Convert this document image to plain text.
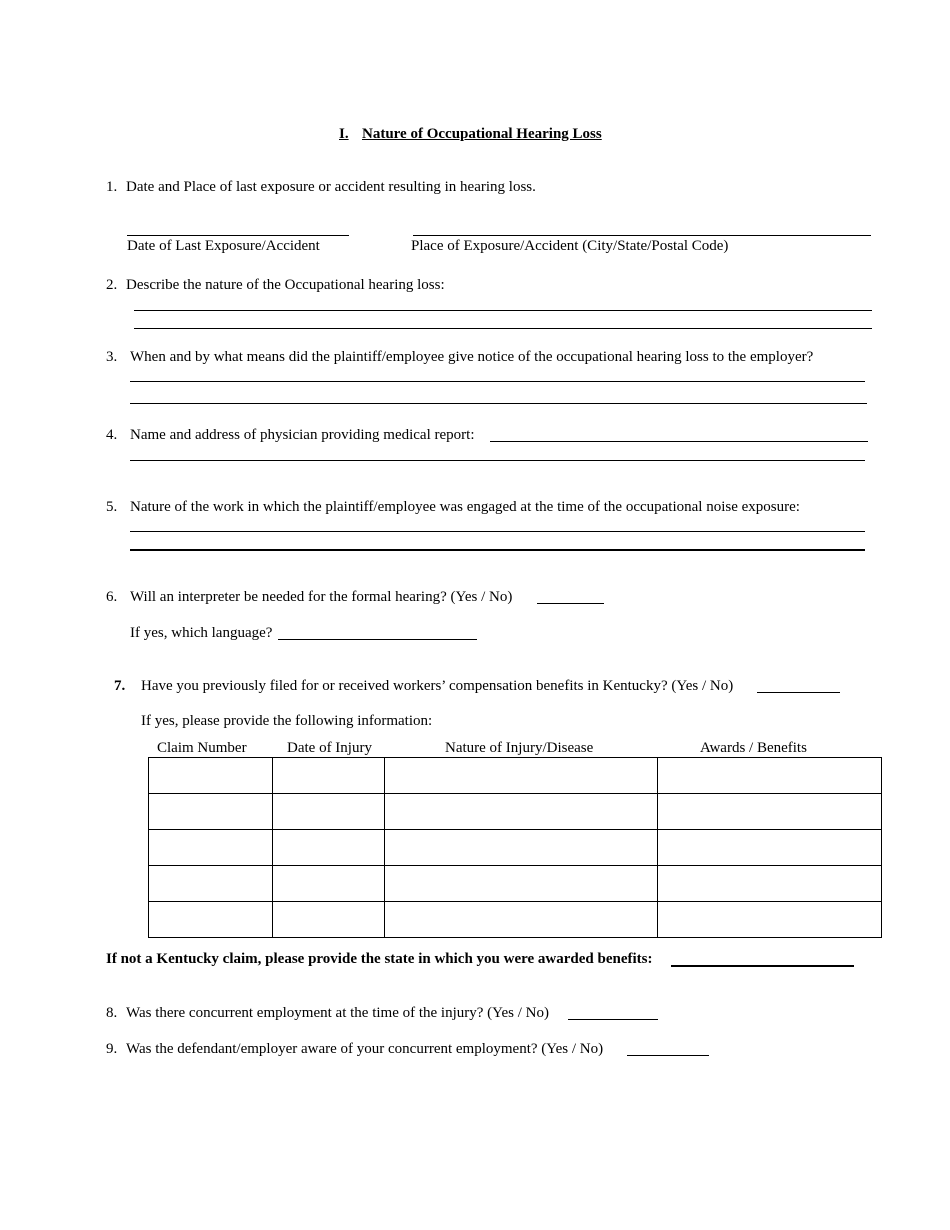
I. Nature of Occupational Hearing Loss
1. Date and Place of last exposure or accident resulting in hearing loss.
Date of Last Exposure/Accident	Place of Exposure/Accident (City/State/Postal Code)
2. Describe the nature of the Occupational hearing loss:
3. When and by what means did the plaintiff/employee give notice of the occupational hearing loss to the employer?
4. Name and address of physician providing medical report:
5. Nature of the work in which the plaintiff/employee was engaged at the time of the occupational noise exposure:
6. Will an interpreter be needed for the formal hearing? (Yes / No)
If yes, which language?
7. Have you previously filed for or received workers’ compensation benefits in Kentucky? (Yes / No)
If yes, please provide the following information:
Claim Number	Date of Injury	Nature of Injury/Disease	Awards / Benefits

If not a Kentucky claim, please provide the state in which you were awarded benefits:
8. Was there concurrent employment at the time of the injury? (Yes / No)
9. Was the defendant/employer aware of your concurrent employment? (Yes / No)
